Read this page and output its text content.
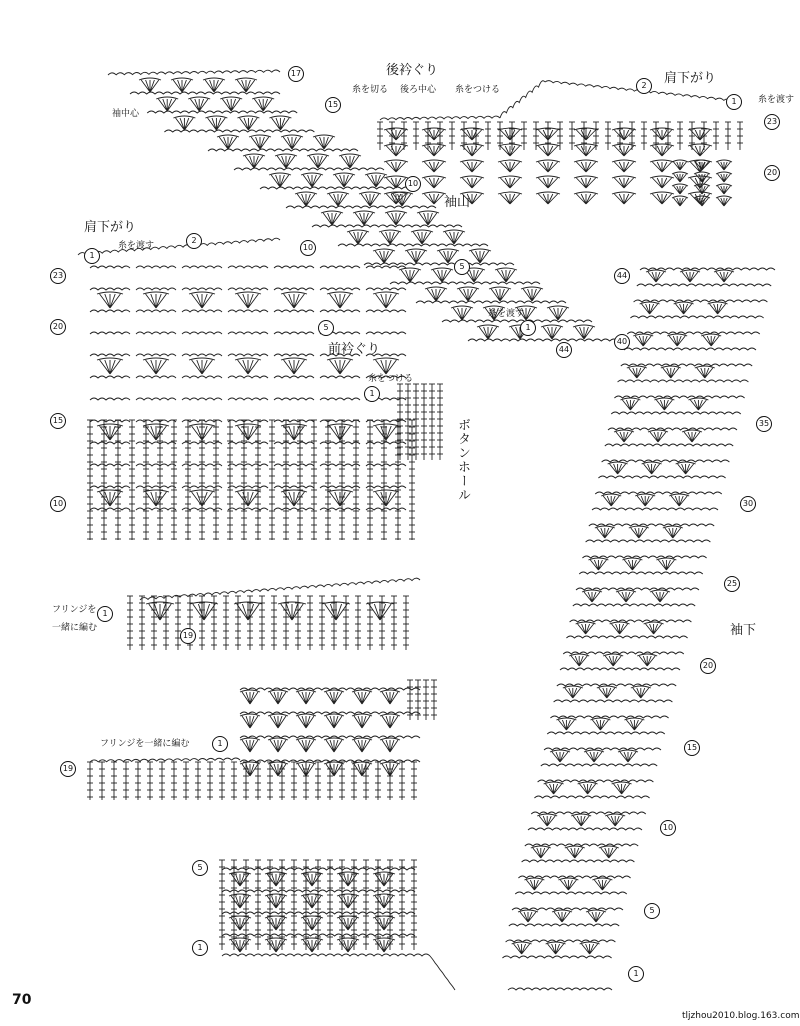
後衿ぐり
肩下がり
肩下がり
前衿ぐり
袖山
袖下
ボタンホール
袖中心
糸を切る 後ろ中心 糸をつける
糸を渡す
糸を渡す
糸を渡す
糸をつける
フリンジを
一緒に編む
フリンジを一緒に編む
17
15
10
5
1
44
2
1
23
20
1
2
10
23
20	5
1
15
10
1
19
1
19
5
1
44
40
35
30
25
20
15
10
5
1
70
tljzhou2010.blog.163.com
